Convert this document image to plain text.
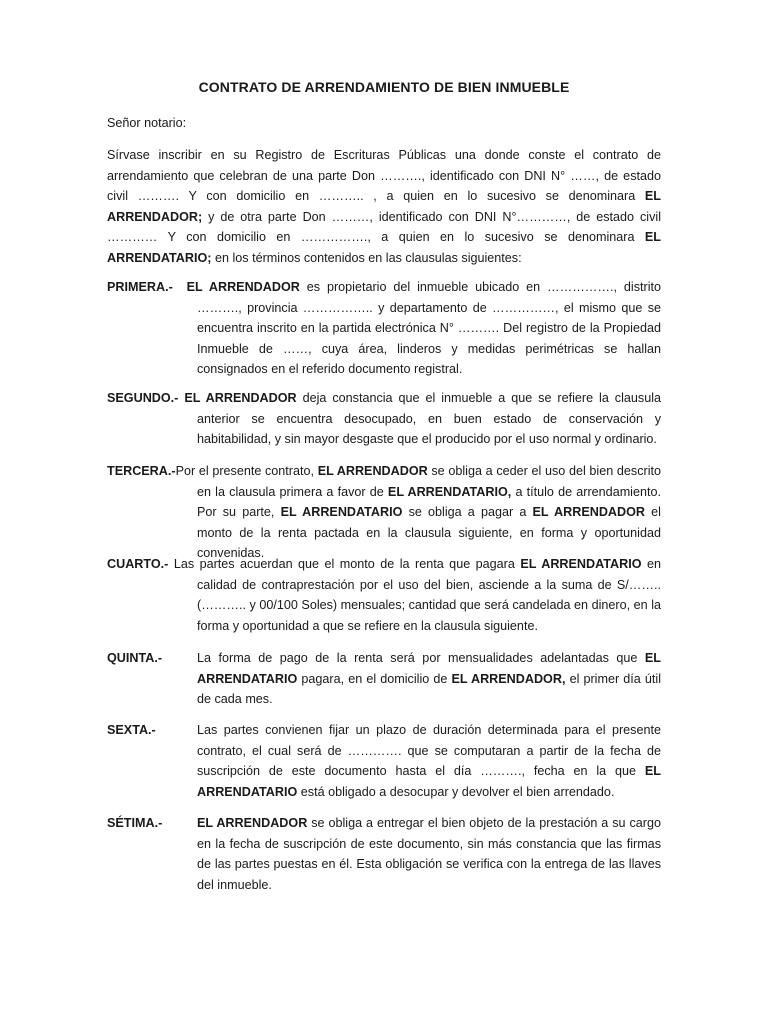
CONTRATO DE ARRENDAMIENTO DE BIEN INMUEBLE
Señor notario:
Sírvase inscribir en su Registro de Escrituras Públicas una donde conste el contrato de arrendamiento que celebran de una parte Don ………., identificado con DNI N° ……, de estado civil ………. Y con domicilio en ……….. , a quien en lo sucesivo se denominara EL ARRENDADOR; y de otra parte Don ………, identificado con DNI N°…………, de estado civil ………… Y con domicilio en ……………., a quien en lo sucesivo se denominara EL ARRENDATARIO; en los términos contenidos en las clausulas siguientes:

PRIMERA.- EL ARRENDADOR es propietario del inmueble ubicado en ……………., distrito ………., provincia …………….. y departamento de ……………, el mismo que se encuentra inscrito en la partida electrónica N° ………. Del registro de la Propiedad Inmueble de ……, cuya área, linderos y medidas perimétricas se hallan consignados en el referido documento registral.

SEGUNDO.- EL ARRENDADOR deja constancia que el inmueble a que se refiere la clausula anterior se encuentra desocupado, en buen estado de conservación y habitabilidad, y sin mayor desgaste que el producido por el uso normal y ordinario.

TERCERA.-Por el presente contrato, EL ARRENDADOR se obliga a ceder el uso del bien descrito en la clausula primera a favor de EL ARRENDATARIO, a título de arrendamiento. Por su parte, EL ARRENDATARIO se obliga a pagar a EL ARRENDADOR el monto de la renta pactada en la clausula siguiente, en forma y oportunidad convenidas.

CUARTO.- Las partes acuerdan que el monto de la renta que pagara EL ARRENDATARIO en calidad de contraprestación por el uso del bien, asciende a la suma de S/…….. (……….. y 00/100 Soles) mensuales; cantidad que será candelada en dinero, en la forma y oportunidad a que se refiere en la clausula siguiente.

QUINTA.-	La forma de pago de la renta será por mensualidades adelantadas que EL ARRENDATARIO pagara, en el domicilio de EL ARRENDADOR, el primer día útil de cada mes.
SEXTA.-	Las partes convienen fijar un plazo de duración determinada para el presente contrato, el cual será de …………. que se computaran a partir de la fecha de suscripción de este documento hasta el día ………., fecha en la que EL ARRENDATARIO está obligado a desocupar y devolver el bien arrendado.
SÉTIMA.-	EL ARRENDADOR se obliga a entregar el bien objeto de la prestación a su cargo en la fecha de suscripción de este documento, sin más constancia que las firmas de las partes puestas en él. Esta obligación se verifica con la entrega de las llaves del inmueble.
